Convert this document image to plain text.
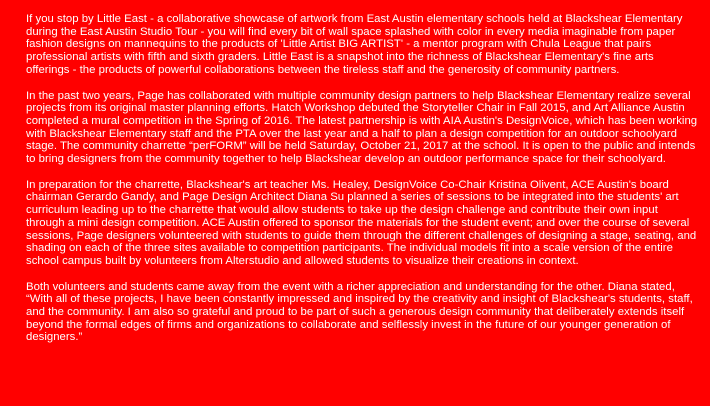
If you stop by Little East - a collaborative showcase of artwork from East Austin elementary schools held at Blackshear Elementary during the East Austin Studio Tour - you will find every bit of wall space splashed with color in every media imaginable from paper fashion designs on mannequins to the products of 'Little Artist BIG ARTIST' - a mentor program with Chula League that pairs professional artists with fifth and sixth graders. Little East is a snapshot into the richness of Blackshear Elementary's fine arts offerings - the products of powerful collaborations between the tireless staff and the generosity of community partners.

In the past two years, Page has collaborated with multiple community design partners to help Blackshear Elementary realize several projects from its original master planning efforts. Hatch Workshop debuted the Storyteller Chair in Fall 2015, and Art Alliance Austin completed a mural competition in the Spring of 2016. The latest partnership is with AIA Austin's DesignVoice, which has been working with Blackshear Elementary staff and the PTA over the last year and a half to plan a design competition for an outdoor schoolyard stage. The community charrette “perFORM” will be held Saturday, October 21, 2017 at the school. It is open to the public and intends to bring designers from the community together to help Blackshear develop an outdoor performance space for their schoolyard.

In preparation for the charrette, Blackshear's art teacher Ms. Healey, DesignVoice Co-Chair Kristina Olivent, ACE Austin's board chairman Gerardo Gandy, and Page Design Architect Diana Su planned a series of sessions to be integrated into the students' art curriculum leading up to the charrette that would allow students to take up the design challenge and contribute their own input through a mini design competition. ACE Austin offered to sponsor the materials for the student event; and over the course of several sessions, Page designers volunteered with students to guide them through the different challenges of designing a stage, seating, and shading on each of the three sites available to competition participants. The individual models fit into a scale version of the entire school campus built by volunteers from Alterstudio and allowed students to visualize their creations in context.

Both volunteers and students came away from the event with a richer appreciation and understanding for the other. Diana stated, “With all of these projects, I have been constantly impressed and inspired by the creativity and insight of Blackshear's students, staff, and the community. I am also so grateful and proud to be part of such a generous design community that deliberately extends itself beyond the formal edges of firms and organizations to collaborate and selflessly invest in the future of our younger generation of designers.”
